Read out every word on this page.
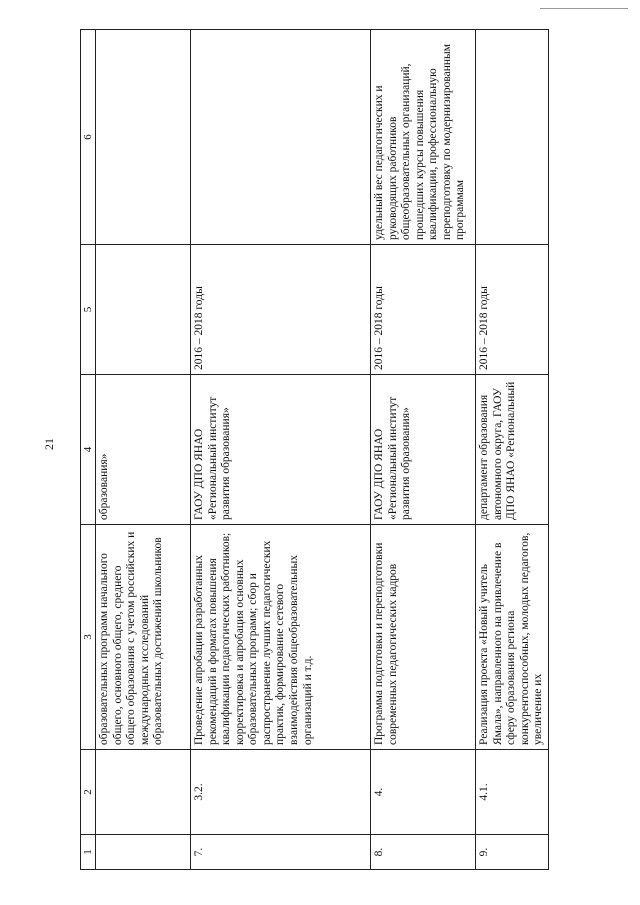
21
1	2	3	4	5	6
		образовательных программ начального общего, основного общего, среднего общего образования с учетом российских и международных исследований образовательных достижений школьников	образования»		
7.	3.2.	Проведение апробации разработанных рекомендаций в форматах повышения квалификации педагогических работников; корректировка и апробация основных образовательных программ; сбор и распространение лучших педагогических практик, формирование сетевого взаимодействия общеобразовательных организаций и т.д.	ГАОУ ДПО ЯНАО «Региональный институт развития образования»	2016 – 2018 годы	
8.	4.	Программа подготовки и переподготовки современных педагогических кадров	ГАОУ ДПО ЯНАО «Региональный институт развития образования»	2016 – 2018 годы	удельный вес педагогических и руководящих работников общеобразовательных организаций, прошедших курсы повышения квалификации, профессиональную переподготовку по модернизированным программам
9.	4.1.	Реализация проекта «Новый учитель Ямала», направленного на привлечение в сферу образования региона конкурентоспособных, молодых педагогов, увеличение их	департамент образования автономного округа, ГАОУ ДПО ЯНАО «Региональный	2016 – 2018 годы	
